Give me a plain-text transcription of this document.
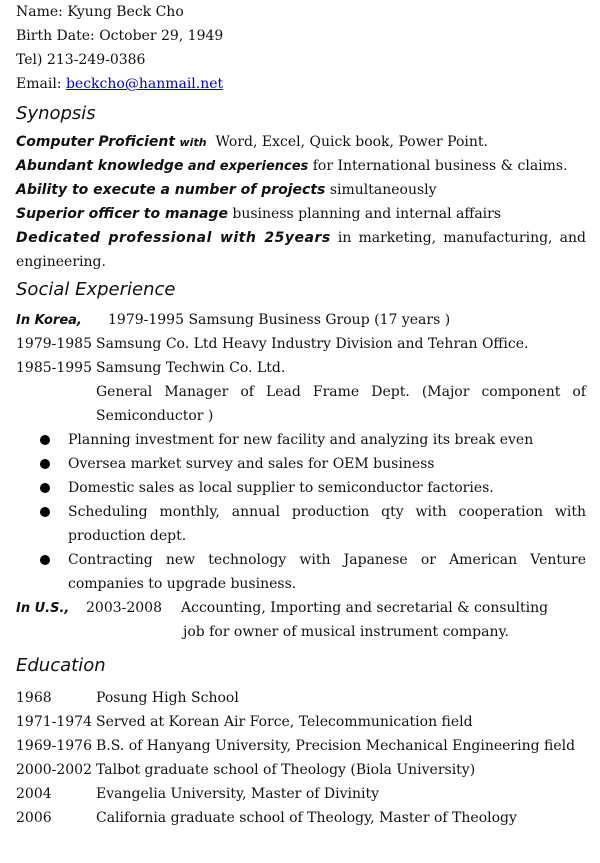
Name: Kyung Beck Cho
Birth Date: October 29, 1949
Tel) 213-249-0386
Email: beckcho@hanmail.net
Synopsis
Computer Proficient with  Word, Excel, Quick book, Power Point.
Abundant knowledge and experiences for International business & claims.
Ability to execute a number of projects simultaneously
Superior officer to manage business planning and internal affairs
Dedicated professional with 25years in marketing, manufacturing, and engineering.
Social Experience
In Korea, 1979-1995 Samsung Business Group (17 years )
1979-1985 Samsung Co. Ltd Heavy Industry Division and Tehran Office.
1985-1995 Samsung Techwin Co. Ltd.
General Manager of Lead Frame Dept. (Major component of Semiconductor )
Planning investment for new facility and analyzing its break even
Oversea market survey and sales for OEM business
Domestic sales as local supplier to semiconductor factories.
Scheduling monthly, annual production qty with cooperation with production dept.
Contracting new technology with Japanese or American Venture companies to upgrade business.
In U.S., 2003-2008 Accounting, Importing and secretarial & consulting
job for owner of musical instrument company.
Education
1968	Posung High School
1971-1974 Served at Korean Air Force, Telecommunication field
1969-1976 B.S. of Hanyang University, Precision Mechanical Engineering field
2000-2002 Talbot graduate school of Theology (Biola University)
2004	Evangelia University, Master of Divinity
2006	California graduate school of Theology, Master of Theology
